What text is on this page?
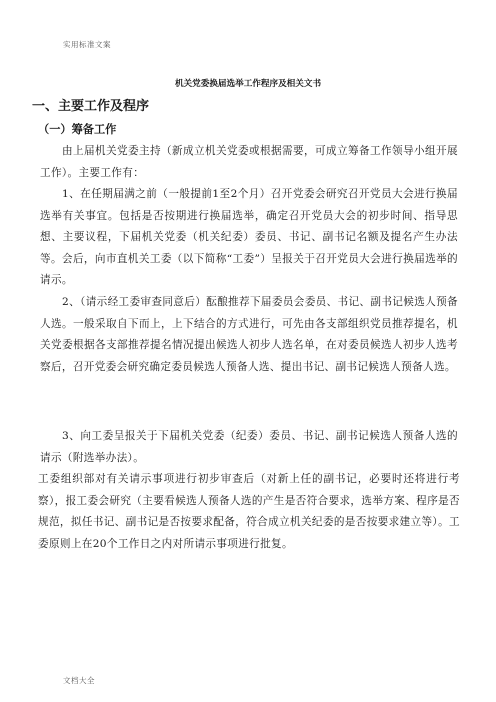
实用标准文案
机关党委换届选举工作程序及相关文书
一、主要工作及程序
（一）筹备工作
由上届机关党委主持（新成立机关党委或根据需要，可成立筹备工作领导小组开展工作）。主要工作有：
1、在任期届满之前（一般提前1至2个月）召开党委会研究召开党员大会进行换届选举有关事宜。包括是否按期进行换届选举，确定召开党员大会的初步时间、指导思想、主要议程，下届机关党委（机关纪委）委员、书记、副书记名额及提名产生办法等。会后，向市直机关工委（以下简称“工委”）呈报关于召开党员大会进行换届选举的请示。
2、（请示经工委审查同意后）酝酿推荐下届委员会委员、书记、副书记候选人预备人选。一般采取自下而上，上下结合的方式进行，可先由各支部组织党员推荐提名，机关党委根据各支部推荐提名情况提出候选人初步人选名单，在对委员候选人初步人选考察后，召开党委会研究确定委员候选人预备人选、提出书记、副书记候选人预备人选。
3、向工委呈报关于下届机关党委（纪委）委员、书记、副书记候选人预备人选的请示（附选举办法）。
工委组织部对有关请示事项进行初步审查后（对新上任的副书记，必要时还将进行考察），报工委会研究（主要看候选人预备人选的产生是否符合要求，选举方案、程序是否规范，拟任书记、副书记是否按要求配备，符合成立机关纪委的是否按要求建立等）。工委原则上在20个工作日之内对所请示事项进行批复。
文档大全
